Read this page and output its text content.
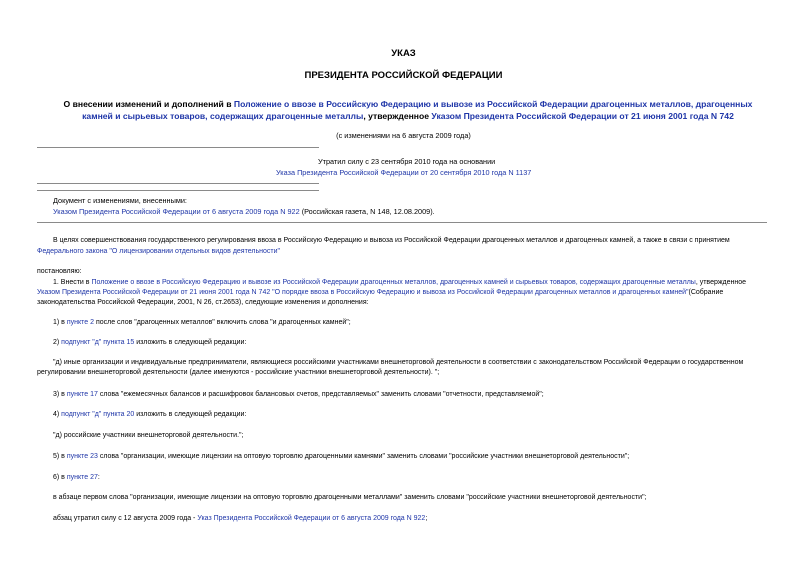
УКАЗ
ПРЕЗИДЕНТА РОССИЙСКОЙ ФЕДЕРАЦИИ
О внесении изменений и дополнений в Положение о ввозе в Российскую Федерацию и вывозе из Российской Федерации драгоценных металлов, драгоценных
камней и сырьевых товаров, содержащих драгоценные металлы, утвержденное Указом Президента Российской Федерации от 21 июня 2001 года N 742
(с изменениями на 6 августа 2009 года)
Утратил силу с 23 сентября 2010 года на основании
Указа Президента Российской Федерации от 20 сентября 2010 года N 1137
Документ с изменениями, внесенными:
Указом Президента Российской Федерации от 6 августа 2009 года N 922 (Российская газета, N 148, 12.08.2009).
В целях совершенствования государственного регулирования ввоза в Российскую Федерацию и вывоза из Российской Федерации драгоценных металлов и драгоценных камней, а также в связи с принятием
Федерального закона "О лицензировании отдельных видов деятельности"
постановляю:
1. Внести в Положение о ввозе в Российскую Федерацию и вывозе из Российской Федерации драгоценных металлов, драгоценных камней и сырьевых товаров, содержащих драгоценные металлы, утвержденное
Указом Президента Российской Федерации от 21 июня 2001 года N 742 "О порядке ввоза в Российскую Федерацию и вывоза из Российской Федерации драгоценных металлов и драгоценных камней"(Собрание
законодательства Российской Федерации, 2001, N 26, ст.2653), следующие изменения и дополнения:
1) в пункте 2 после слов "драгоценных металлов" включить слова "и драгоценных камней";
2) подпункт "д" пункта 15 изложить в следующей редакции:
"д) иные организации и индивидуальные предприниматели, являющиеся российскими участниками внешнеторговой деятельности в соответствии с законодательством Российской Федерации о государственном
регулировании внешнеторговой деятельности (далее именуются - российские участники внешнеторговой деятельности). ";
3) в пункте 17 слова "ежемесячных балансов и расшифровок балансовых счетов, представляемых" заменить словами "отчетности, представляемой";
4) подпункт "д" пункта 20 изложить в следующей редакции:
"д) российские участники внешнеторговой деятельности.";
5) в пункте 23 слова "организации, имеющие лицензии на оптовую торговлю драгоценными камнями" заменить словами "российские участники внешнеторговой деятельности";
6) в пункте 27:
в абзаце первом слова "организации, имеющие лицензии на оптовую торговлю драгоценными металлами" заменить словами "российские участники внешнеторговой деятельности";
абзац утратил силу с 12 августа 2009 года - Указ Президента Российской Федерации от 6 августа 2009 года N 922;
